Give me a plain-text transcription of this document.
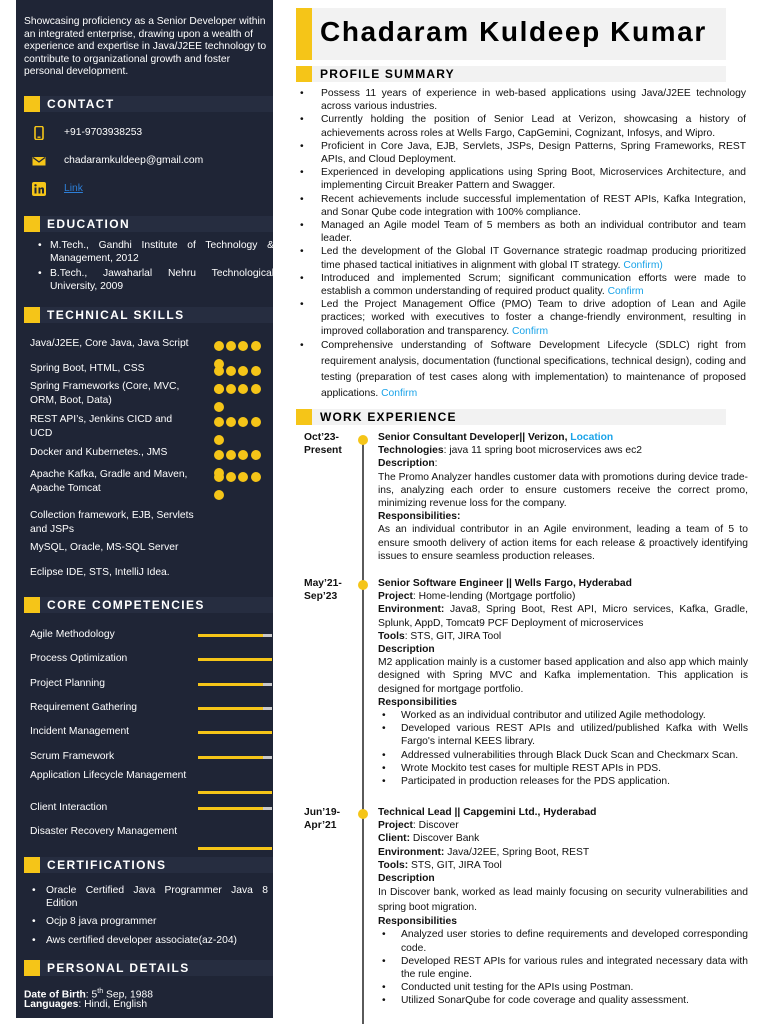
Showcasing proficiency as a Senior Developer within an integrated enterprise, drawing upon a wealth of experience and expertise in Java/J2EE technology to contribute to organizational growth and foster personal development.
CONTACT
+91-9703938253
chadaramkuldeep@gmail.com
Link
EDUCATION
• M.Tech., Gandhi Institute of Technology & Management, 2012
• B.Tech., Jawaharlal Nehru Technological University, 2009
TECHNICAL SKILLS
Java/J2EE, Core Java, Java Script
Spring Boot, HTML, CSS
Spring Frameworks (Core, MVC, ORM, Boot, Data)
REST API’s, Jenkins CICD and UCD
Docker and Kubernetes., JMS
Apache Kafka, Gradle and Maven, Apache Tomcat
Collection framework, EJB, Servlets and JSPs
MySQL, Oracle, MS-SQL Server
Eclipse IDE, STS, IntelliJ Idea.
CORE COMPETENCIES
Agile Methodology
Process Optimization
Project Planning
Requirement Gathering
Incident Management
Scrum Framework
Application Lifecycle Management
Client Interaction
Disaster Recovery Management
CERTIFICATIONS
• Oracle Certified Java Programmer Java 8 Edition
• Ocjp 8 java programmer
• Aws certified developer associate(az-204)
PERSONAL DETAILS
Date of Birth: 5th Sep, 1988
Languages: Hindi, English
Chadaram Kuldeep Kumar
PROFILE SUMMARY
• Possess 11 years of experience in web-based applications using Java/J2EE technology across various industries.
• Currently holding the position of Senior Lead at Verizon, showcasing a history of achievements across roles at Wells Fargo, CapGemini, Cognizant, Infosys, and Wipro.
• Proficient in Core Java, EJB, Servlets, JSPs, Design Patterns, Spring Frameworks, REST APIs, and Cloud Deployment.
• Experienced in developing applications using Spring Boot, Microservices Architecture, and implementing Circuit Breaker Pattern and Swagger.
• Recent achievements include successful implementation of REST APIs, Kafka Integration, and Sonar Qube code integration with 100% compliance.
• Managed an Agile model Team of 5 members as both an individual contributor and team leader.
• Led the development of the Global IT Governance strategic roadmap producing prioritized time phased tactical initiatives in alignment with global IT strategy. Confirm)
• Introduced and implemented Scrum; significant communication efforts were made to establish a common understanding of required product quality. Confirm
• Led the Project Management Office (PMO) Team to drive adoption of Lean and Agile practices; worked with executives to foster a change-friendly environment, resulting in improved collaboration and transparency. Confirm
• Comprehensive understanding of Software Development Lifecycle (SDLC) right from requirement analysis, documentation (functional specifications, technical design), coding and testing (preparation of test cases along with implementation) to maintenance of proposed applications. Confirm
WORK EXPERIENCE
Oct’23-
Present
Senior Consultant Developer|| Verizon, Location
Technologies: java 11 spring boot microservices aws ec2
Description:
The Promo Analyzer handles customer data with promotions during device trade-ins, analyzing each order to ensure customers receive the correct promo, minimizing revenue loss for the company.
Responsibilities:
As an individual contributor in an Agile environment, leading a team of 5 to ensure smooth delivery of action items for each release & proactively identifying issues to ensure seamless production releases.
May’21-
Sep’23
Senior Software Engineer || Wells Fargo, Hyderabad
Project: Home-lending (Mortgage portfolio)
Environment: Java8, Spring Boot, Rest API, Micro services, Kafka, Gradle, Splunk, AppD, Tomcat9 PCF Deployment of microservices
Tools: STS, GIT, JIRA Tool
Description
M2 application mainly is a customer based application and also app which mainly designed with Spring MVC and Kafka implementation. This application is designed for mortgage portfolio.
Responsibilities
• Worked as an individual contributor and utilized Agile methodology.
• Developed various REST APIs and utilized/published Kafka with Wells Fargo's internal KEES library.
• Addressed vulnerabilities through Black Duck Scan and Checkmarx Scan.
• Wrote Mockito test cases for multiple REST APIs in PDS.
• Participated in production releases for the PDS application.
Jun’19-
Apr’21
Technical Lead || Capgemini Ltd., Hyderabad
Project: Discover
Client: Discover Bank
Environment: Java/J2EE, Spring Boot, REST
Tools: STS, GIT, JIRA Tool
Description
In Discover bank, worked as lead mainly focusing on security vulnerabilities and spring boot migration.
Responsibilities
• Analyzed user stories to define requirements and developed corresponding code.
• Developed REST APIs for various rules and integrated necessary data with the rule engine.
• Conducted unit testing for the APIs using Postman.
• Utilized SonarQube for code coverage and quality assessment.
